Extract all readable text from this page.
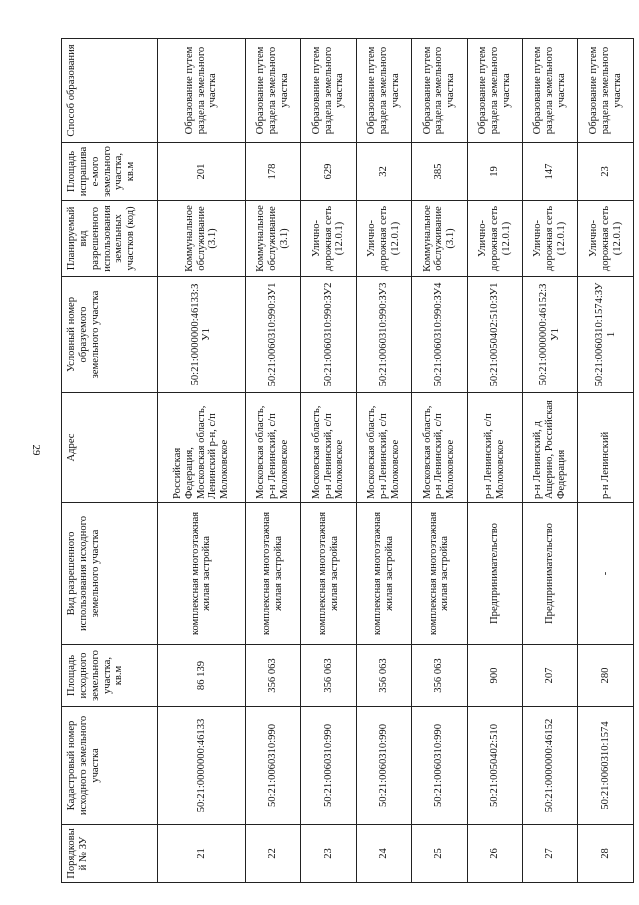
29
Порядковый № ЗУ	Кадастровый номер исходного земельного участка	Площадь исходного земельного участка, кв.м	Вид разрешенного использования исходного земельного участка	Адрес	Условный номер образуемого земельного участка	Планируемый вид разрешенного использования земельных участков (код)	Площадь испрашивае-мого земельного участка, кв.м	Способ образования
21	50:21:0000000:46133	86 139	комплексная многоэтажная жилая застройка	Российская Федерация, Московская область, Ленинский р-н, с/п Молоковское	50:21:0000000:46133:ЗУ1	Коммунальное обслуживание (3.1)	201	Образование путем раздела земельного участка
22	50:21:0060310:990	356 063	комплексная многоэтажная жилая застройка	Московская область, р-н Ленинский, с/п Молоковское	50:21:0060310:990:ЗУ1	Коммунальное обслуживание (3.1)	178	Образование путем раздела земельного участка
23	50:21:0060310:990	356 063	комплексная многоэтажная жилая застройка	Московская область, р-н Ленинский, с/п Молоковское	50:21:0060310:990:ЗУ2	Улично-дорожная сеть (12.0.1)	629	Образование путем раздела земельного участка
24	50:21:0060310:990	356 063	комплексная многоэтажная жилая застройка	Московская область, р-н Ленинский, с/п Молоковское	50:21:0060310:990:ЗУ3	Улично-дорожная сеть (12.0.1)	32	Образование путем раздела земельного участка
25	50:21:0060310:990	356 063	комплексная многоэтажная жилая застройка	Московская область, р-н Ленинский, с/п Молоковское	50:21:0060310:990:ЗУ4	Коммунальное обслуживание (3.1)	385	Образование путем раздела земельного участка
26	50:21:0050402:510	900	Предпринимательство	р-н Ленинский, с/п Молоковское	50:21:0050402:510:ЗУ1	Улично-дорожная сеть (12.0.1)	19	Образование путем раздела земельного участка
27	50:21:0000000:46152	207	Предпринимательство	р-н Ленинский, д Ащерино, Российская Федерация	50:21:0000000:46152:ЗУ1	Улично-дорожная сеть (12.0.1)	147	Образование путем раздела земельного участка
28	50:21:0060310:1574	280	-	р-н Ленинский	50:21:0060310:1574:ЗУ1	Улично-дорожная сеть (12.0.1)	23	Образование путем раздела земельного участка
